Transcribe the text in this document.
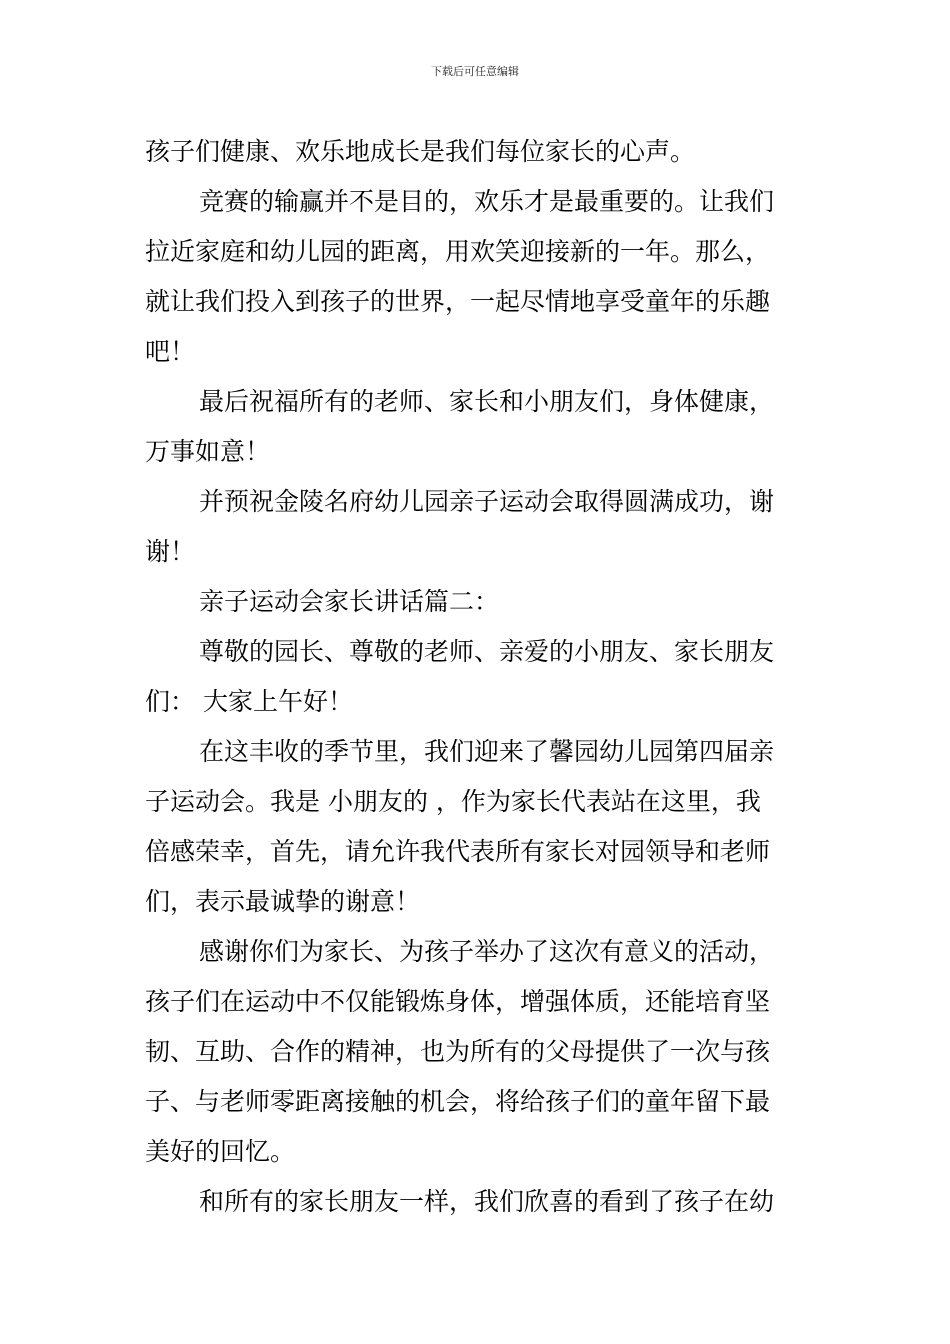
下载后可任意编辑
孩子们健康、欢乐地成长是我们每位家长的心声。
竞赛的输赢并不是目的，欢乐才是最重要的。让我们
拉近家庭和幼儿园的距离，用欢笑迎接新的一年。那么，
就让我们投入到孩子的世界，一起尽情地享受童年的乐趣
吧！
最后祝福所有的老师、家长和小朋友们，身体健康，
万事如意！
并预祝金陵名府幼儿园亲子运动会取得圆满成功，谢
谢！
亲子运动会家长讲话篇二：
尊敬的园长、尊敬的老师、亲爱的小朋友、家长朋友
们： 大家上午好！
在这丰收的季节里，我们迎来了馨园幼儿园第四届亲
子运动会。我是 小朋友的 ，作为家长代表站在这里，我
倍感荣幸，首先，请允许我代表所有家长对园领导和老师
们，表示最诚挚的谢意！
感谢你们为家长、为孩子举办了这次有意义的活动，
孩子们在运动中不仅能锻炼身体，增强体质，还能培育坚
韧、互助、合作的精神，也为所有的父母提供了一次与孩
子、与老师零距离接触的机会，将给孩子们的童年留下最
美好的回忆。
和所有的家长朋友一样，我们欣喜的看到了孩子在幼
